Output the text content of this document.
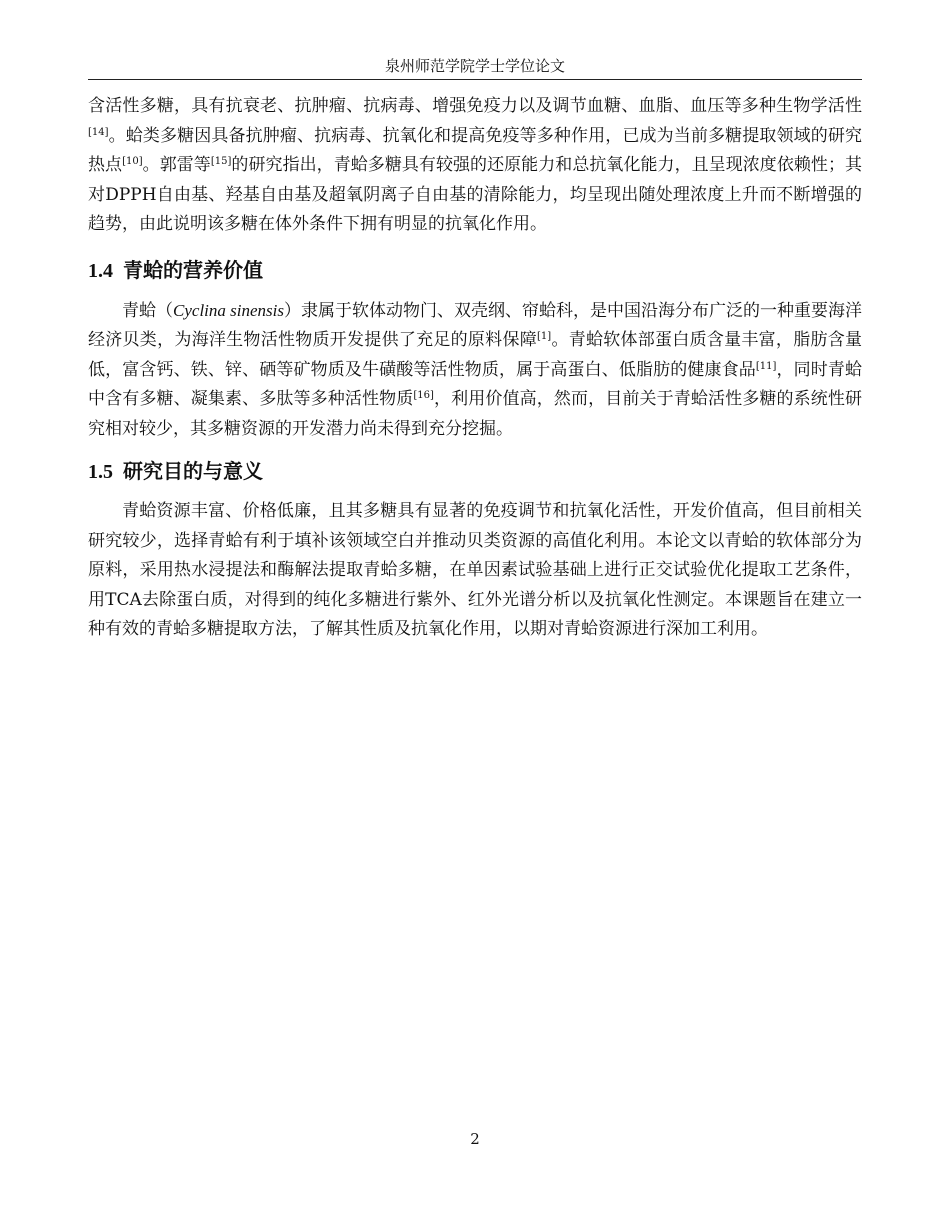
泉州师范学院学士学位论文

含活性多糖，具有抗衰老、抗肿瘤、抗病毒、增强免疫力以及调节血糖、血脂、血压等多种生物学活性[14]。蛤类多糖因具备抗肿瘤、抗病毒、抗氧化和提高免疫等多种作用，已成为当前多糖提取领域的研究热点[10]。郭雷等[15]的研究指出，青蛤多糖具有较强的还原能力和总抗氧化能力，且呈现浓度依赖性；其对DPPH自由基、羟基自由基及超氧阴离子自由基的清除能力，均呈现出随处理浓度上升而不断增强的趋势，由此说明该多糖在体外条件下拥有明显的抗氧化作用。

1.4 青蛤的营养价值

青蛤（Cyclina sinensis）隶属于软体动物门、双壳纲、帘蛤科，是中国沿海分布广泛的一种重要海洋经济贝类，为海洋生物活性物质开发提供了充足的原料保障[1]。青蛤软体部蛋白质含量丰富，脂肪含量低，富含钙、铁、锌、硒等矿物质及牛磺酸等活性物质，属于高蛋白、低脂肪的健康食品[11]，同时青蛤中含有多糖、凝集素、多肽等多种活性物质[16]，利用价值高，然而，目前关于青蛤活性多糖的系统性研究相对较少，其多糖资源的开发潜力尚未得到充分挖掘。

1.5 研究目的与意义

青蛤资源丰富、价格低廉，且其多糖具有显著的免疫调节和抗氧化活性，开发价值高，但目前相关研究较少，选择青蛤有利于填补该领域空白并推动贝类资源的高值化利用。本论文以青蛤的软体部分为原料，采用热水浸提法和酶解法提取青蛤多糖，在单因素试验基础上进行正交试验优化提取工艺条件，用TCA去除蛋白质，对得到的纯化多糖进行紫外、红外光谱分析以及抗氧化性测定。本课题旨在建立一种有效的青蛤多糖提取方法，了解其性质及抗氧化作用，以期对青蛤资源进行深加工利用。

2
